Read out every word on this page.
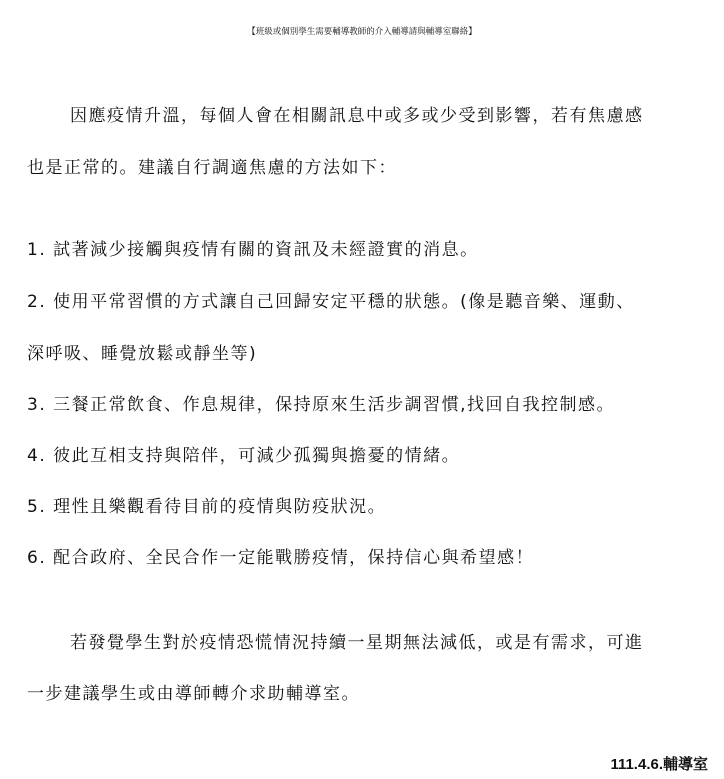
【班級或個別學生需要輔導教師的介入輔導請與輔導室聯絡】
因應疫情升溫，每個人會在相關訊息中或多或少受到影響，若有焦慮感
也是正常的。建議自行調適焦慮的方法如下：
1. 試著減少接觸與疫情有關的資訊及未經證實的消息。
2. 使用平常習慣的方式讓自己回歸安定平穩的狀態。(像是聽音樂、運動、
深呼吸、睡覺放鬆或靜坐等)
3. 三餐正常飲食、作息規律，保持原來生活步調習慣,找回自我控制感。
4. 彼此互相支持與陪伴，可減少孤獨與擔憂的情緒。
5. 理性且樂觀看待目前的疫情與防疫狀況。
6. 配合政府、全民合作一定能戰勝疫情，保持信心與希望感！
若發覺學生對於疫情恐慌情況持續一星期無法減低，或是有需求，可進
一步建議學生或由導師轉介求助輔導室。
111.4.6.輔導室
